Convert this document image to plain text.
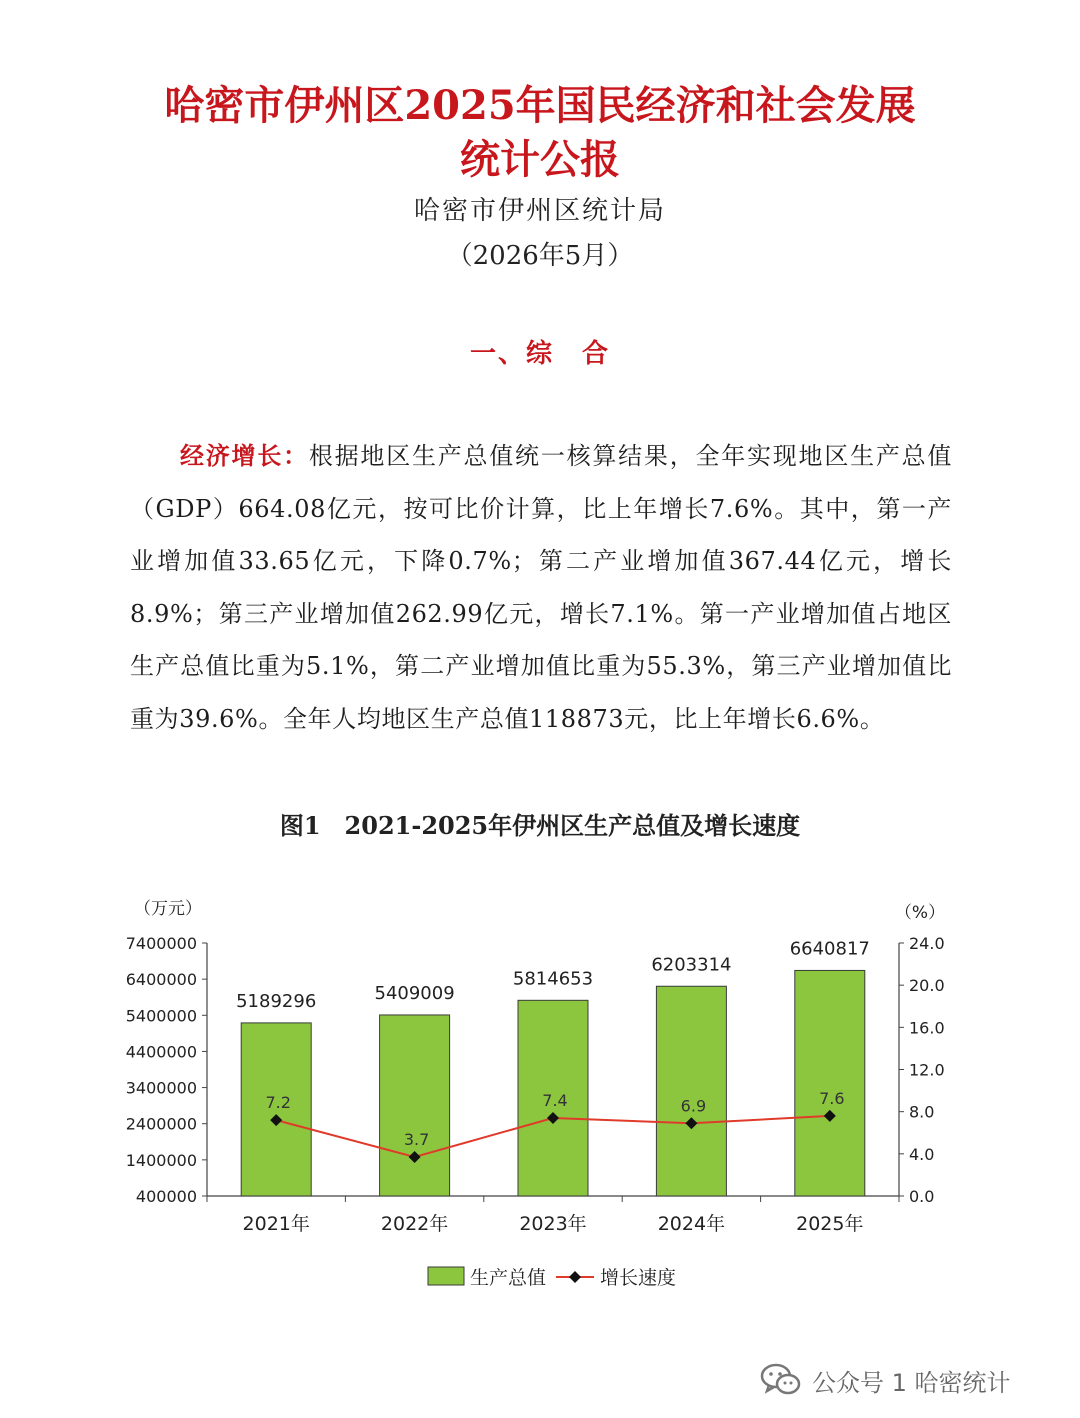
哈密市伊州区2025年国民经济和社会发展
统计公报
哈密市伊州区统计局
（2026年5月）
一、综　合

经济增长：根据地区生产总值统一核算结果，全年实现地区生产总值（GDP）664.08亿元，按可比价计算，比上年增长7.6%。其中，第一产业增加值33.65亿元，下降0.7%；第二产业增加值367.44亿元，增长8.9%；第三产业增加值262.99亿元，增长7.1%。第一产业增加值占地区生产总值比重为5.1%，第二产业增加值比重为55.3%，第三产业增加值比重为39.6%。全年人均地区生产总值118873元，比上年增长6.6%。

图1　2021-2025年伊州区生产总值及增长速度
（万元）	（%）
7400000
6400000
5400000
4400000
3400000
2400000
1400000
400000
24.0
20.0
16.0
12.0
8.0
4.0
0.0
2021年	2022年	2023年	2024年	2025年
5189296	5409009
5814653
6203314
6640817
7.2
3.7
7.4	6.9	7.6
生产总值	增长速度
公众号 1 哈密统计
